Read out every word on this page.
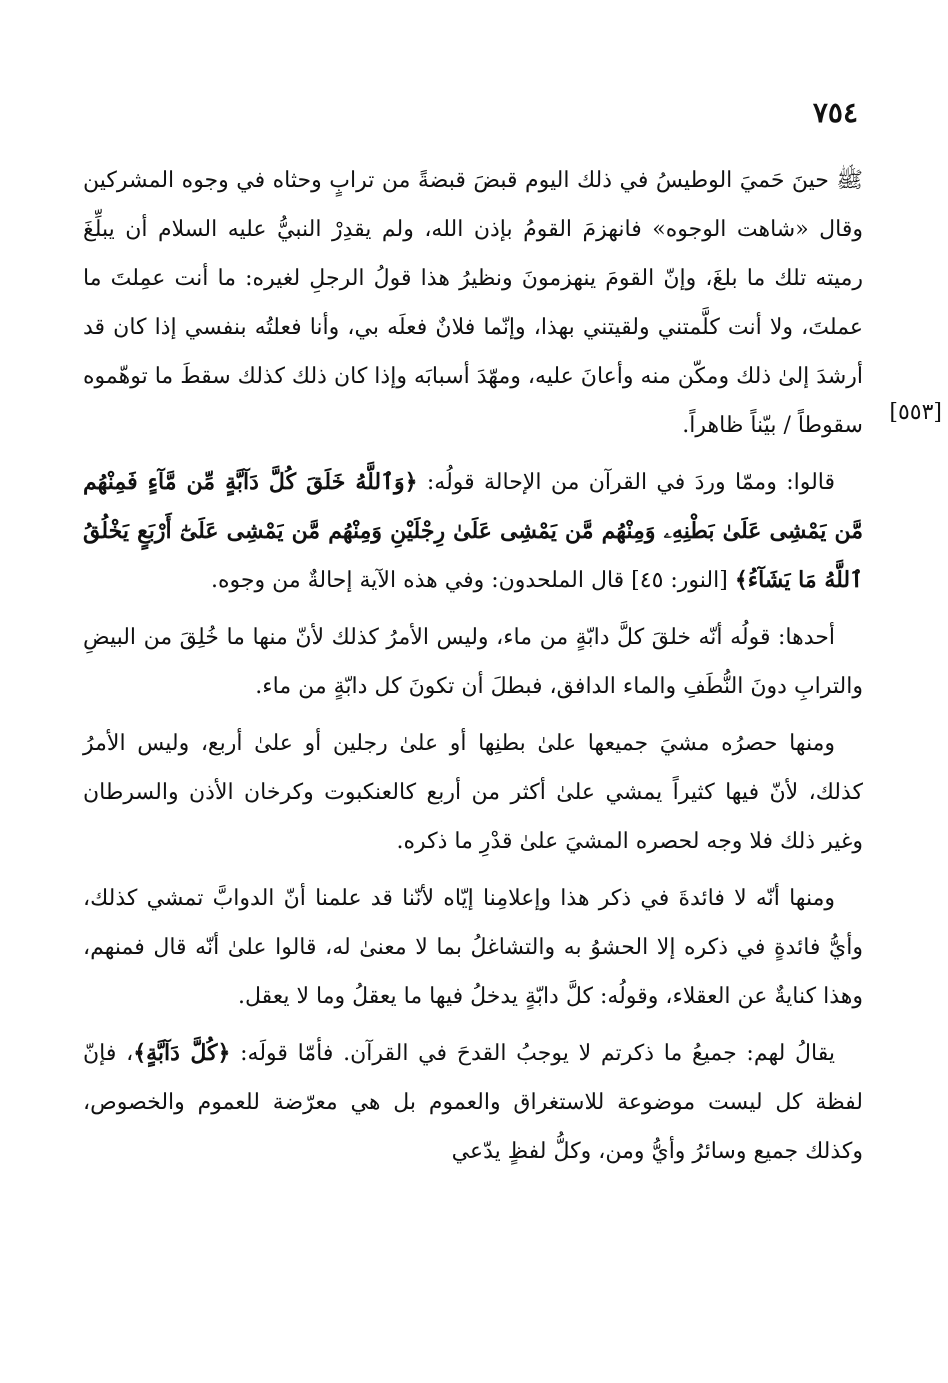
٧٥٤
[٥٥٣]

ﷺ حينَ حَميَ الوطيسُ في ذلك اليوم قبضَ قبضةً من ترابٍ وحثاه في وجوه المشركين وقال «شاهت الوجوه» فانهزمَ القومُ بإذن الله، ولم يقدِرْ النبيُّ عليه السلام أن يبلِّغَ رميته تلك ما بلغَ، وإنّ القومَ ينهزمونَ ونظيرُ هذا قولُ الرجلِ لغيره: ما أنت عمِلتَ ما عملتَ، ولا أنت كلَّمتني ولقيتني بهذا، وإنّما فلانٌ فعلَه بي، وأنا فعلتُه بنفسي إذا كان قد أرشدَ إلىٰ ذلك ومكّن منه وأعانَ عليه، ومهّدَ أسبابَه وإذا كان ذلك كذلك سقطَ ما توهّموه سقوطاً / بيّناً ظاهراً.

قالوا: وممّا وردَ في القرآن من الإحالة قولُه: ﴿وَٱللَّهُ خَلَقَ كُلَّ دَآبَّةٍ مِّن مَّآءٍ فَمِنْهُم مَّن يَمْشِى عَلَىٰ بَطْنِهِۦ وَمِنْهُم مَّن يَمْشِى عَلَىٰ رِجْلَيْنِ وَمِنْهُم مَّن يَمْشِى عَلَىٰٓ أَرْبَعٍ يَخْلُقُ ٱللَّهُ مَا يَشَآءُ﴾ [النور: ٤٥] قال الملحدون: وفي هذه الآية إحالةٌ من وجوه.

أحدها: قولُه أنّه خلقَ كلَّ دابّةٍ من ماء، وليس الأمرُ كذلك لأنّ منها ما خُلِقَ من البيضِ والترابِ دونَ النُّطَفِ والماء الدافق، فبطلَ أن تكونَ كل دابّةٍ من ماء.

ومنها حصرُه مشيَ جميعها علىٰ بطنِها أو علىٰ رجلين أو علىٰ أربع، وليس الأمرُ كذلك، لأنّ فيها كثيراً يمشي علىٰ أكثر من أربع كالعنكبوت وكرخان الأذن والسرطان وغير ذلك فلا وجه لحصره المشيَ علىٰ قدْرِ ما ذكره.

ومنها أنّه لا فائدةَ في ذكر هذا وإعلامِنا إيّاه لأنّنا قد علمنا أنّ الدوابَّ تمشي كذلك، وأيُّ فائدةٍ في ذكره إلا الحشوُ به والتشاغلُ بما لا معنىٰ له، قالوا علىٰ أنّه قال فمنهم، وهذا كنايةٌ عن العقلاء، وقولُه: كلَّ دابّةٍ يدخلُ فيها ما يعقلُ وما لا يعقل.

يقالُ لهم: جميعُ ما ذكرتم لا يوجبُ القدحَ في القرآن. فأمّا قولَه: ﴿كُلَّ دَآبَّةٍ﴾، فإنّ لفظة كل ليست موضوعة للاستغراق والعموم بل هي معرّضة للعموم والخصوص، وكذلك جميع وسائرُ وأيُّ ومن، وكلُّ لفظٍ يدّعي
